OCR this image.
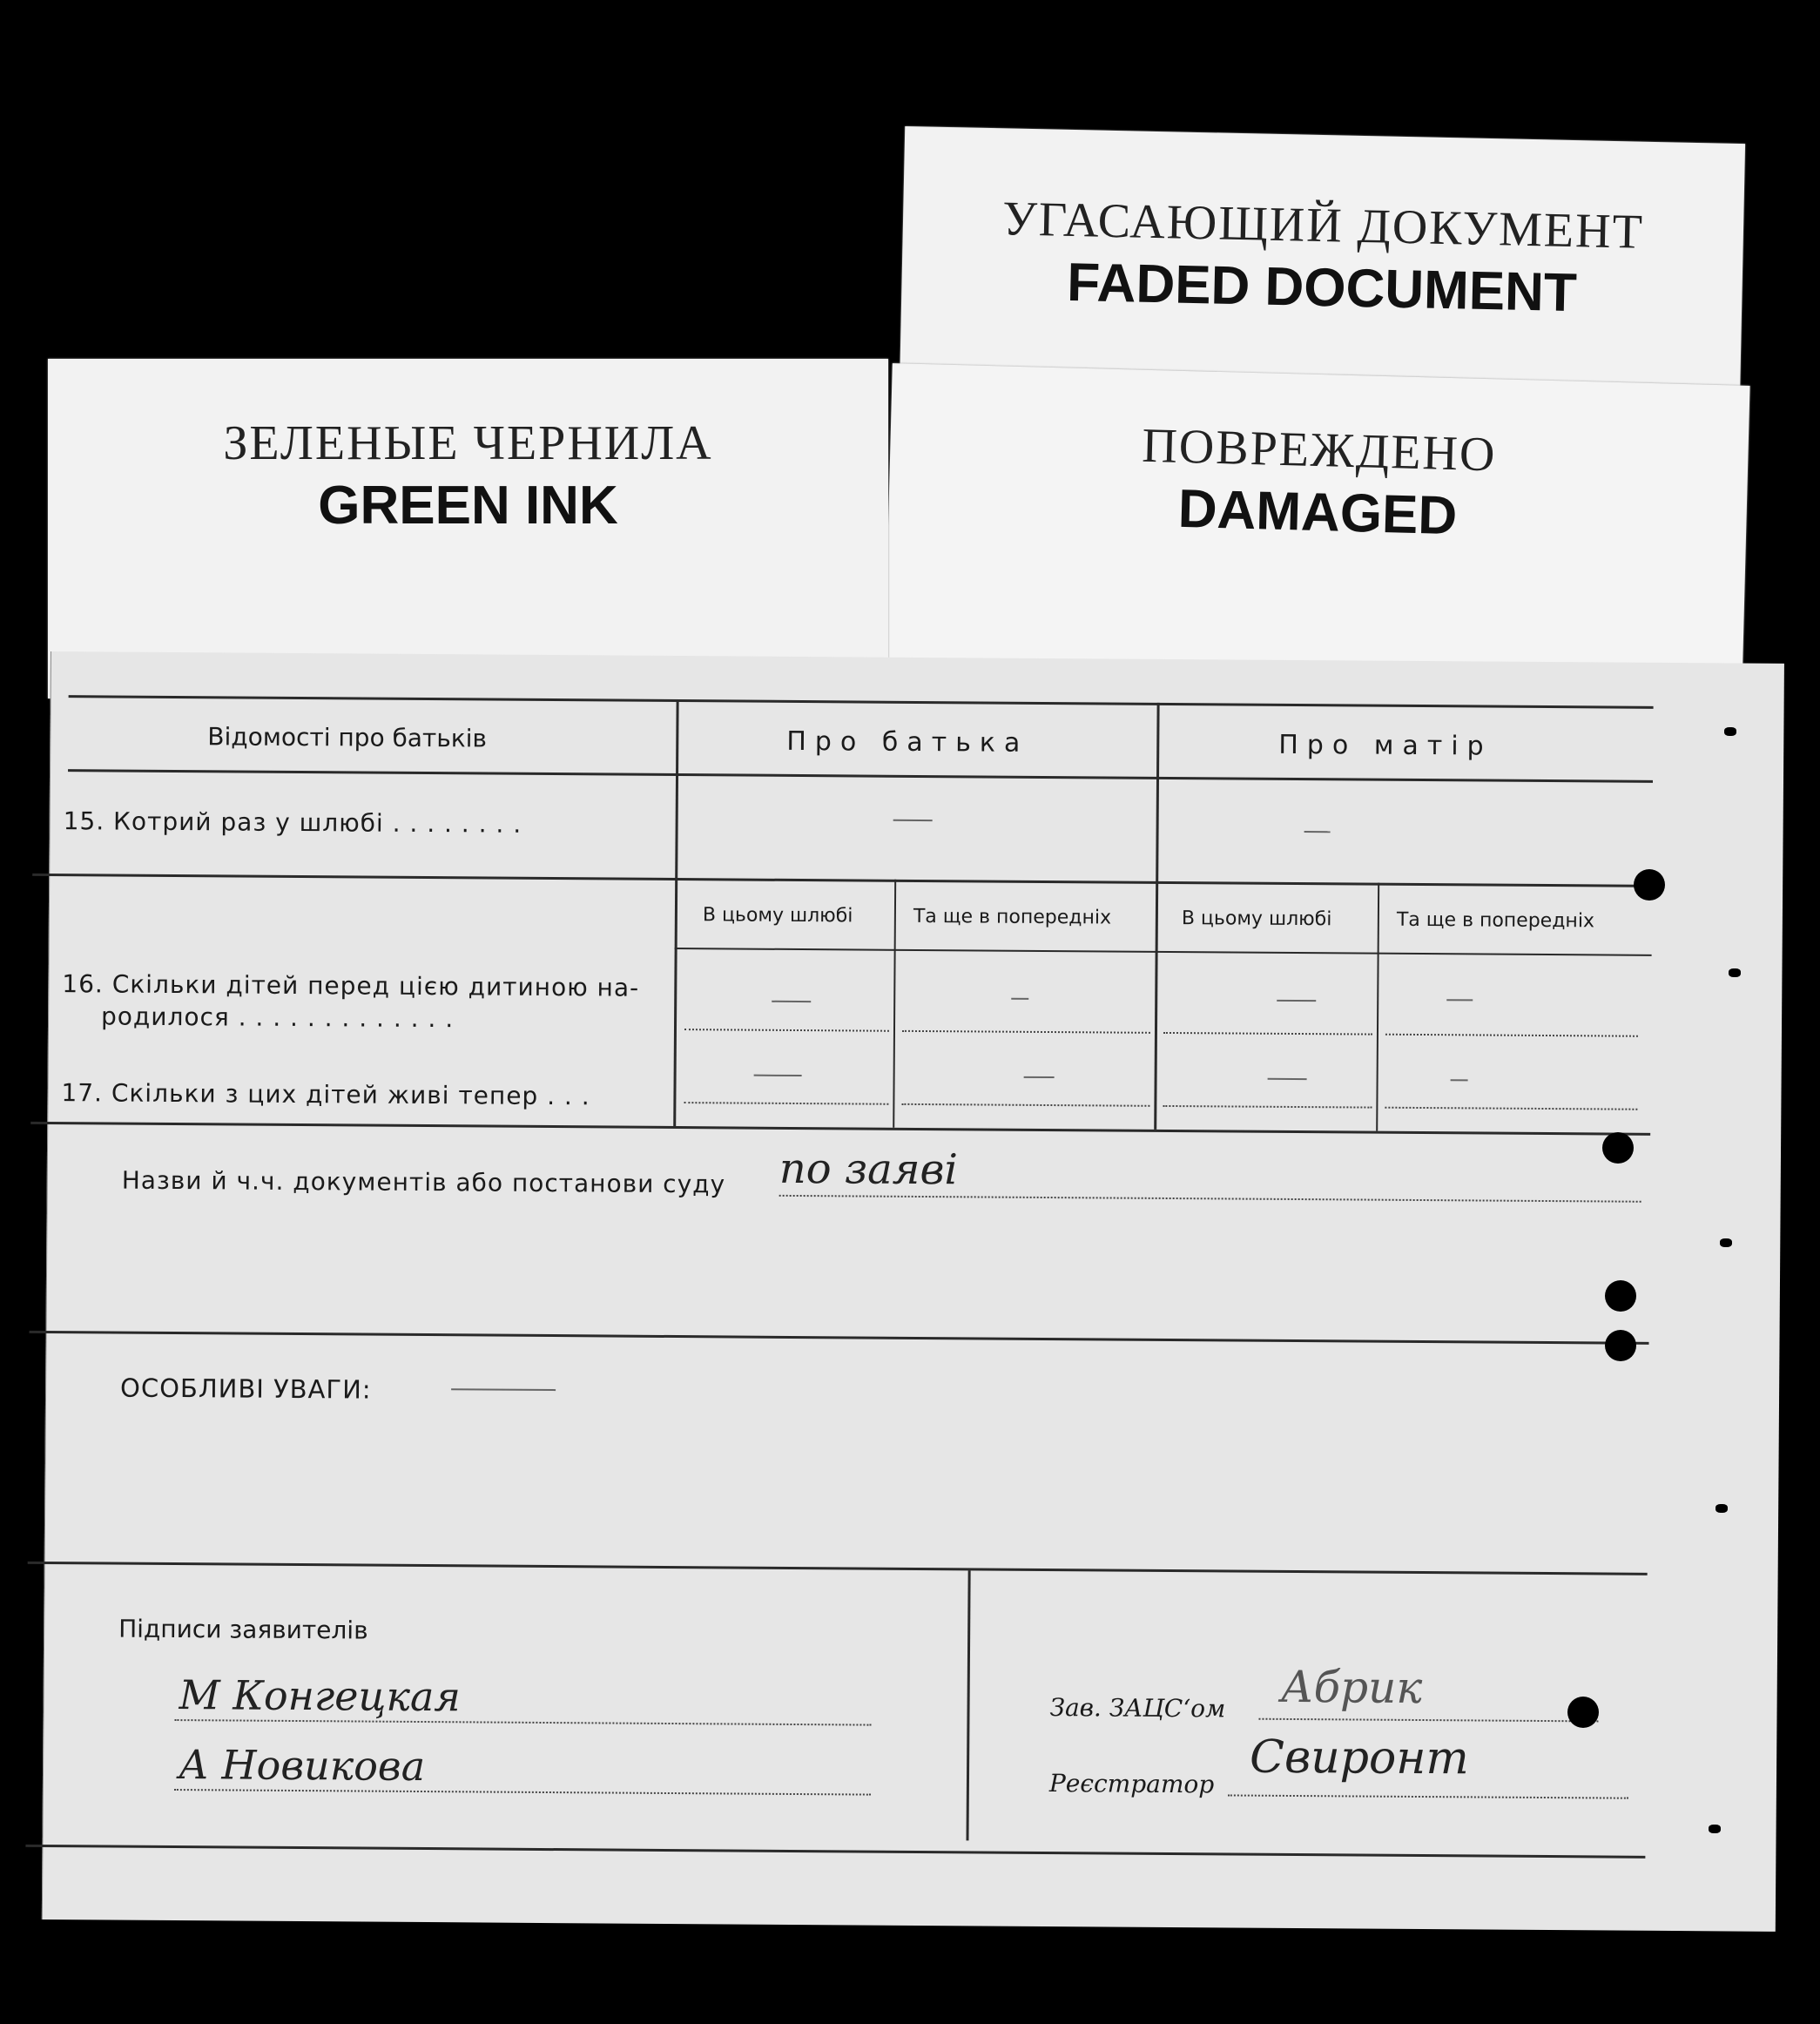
УГАСАЮЩИЙ ДОКУМЕНТ
FADED DOCUMENT
ПОВРЕЖДЕНО
DAMAGED
ЗЕЛЕНЫЕ ЧЕРНИЛА
GREEN INK
Відомості про батьків	Про батька	Про матір
15. Котрий раз у шлюбі . . . . . . . .
В цьому шлюбі	Та ще в попередніх	В цьому шлюбі	Та ще в попередніх
16. Скільки дітей перед цією дитиною на-
родилося . . . . . . . . . . . . .
17. Скільки з цих дітей живі тепер . . .
Назви й ч.ч. документів або постанови суду по заяві
ОСОБЛИВІ УВАГИ:
Підписи заявителів
М Конгецкая
А Новикова
Зав. ЗАЦС‘ом Абрик
Реєстратор Свиронт
